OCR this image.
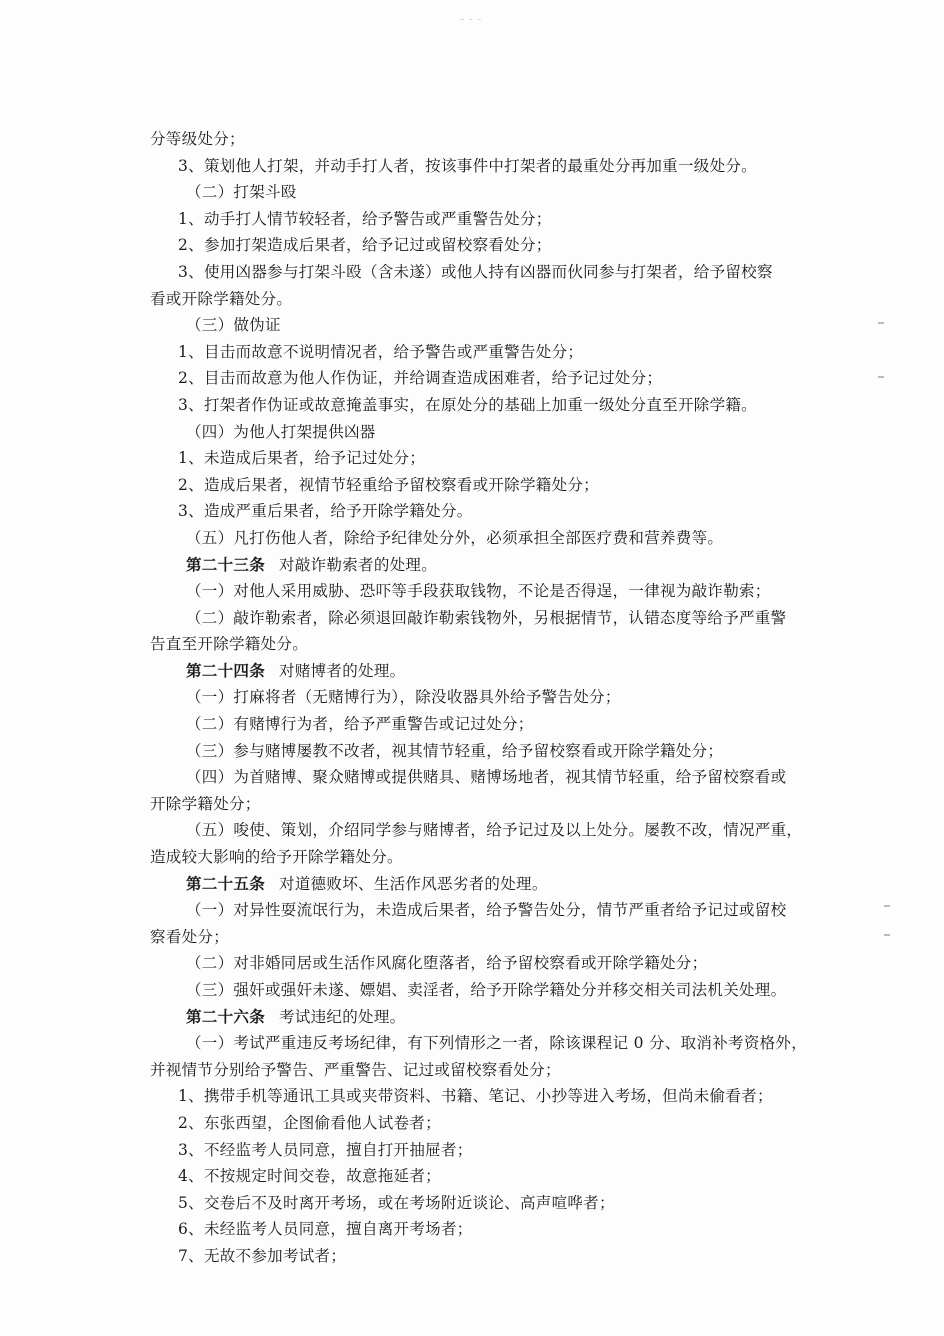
‐ ‐ ‐
分等级处分；
3、策划他人打架，并动手打人者，按该事件中打架者的最重处分再加重一级处分。
（二）打架斗殴
1、动手打人情节较轻者，给予警告或严重警告处分；
2、参加打架造成后果者，给予记过或留校察看处分；
3、使用凶器参与打架斗殴（含未遂）或他人持有凶器而伙同参与打架者，给予留校察
看或开除学籍处分。
（三）做伪证
1、目击而故意不说明情况者，给予警告或严重警告处分；
2、目击而故意为他人作伪证，并给调查造成困难者，给予记过处分；
3、打架者作伪证或故意掩盖事实，在原处分的基础上加重一级处分直至开除学籍。
（四）为他人打架提供凶器
1、未造成后果者，给予记过处分；
2、造成后果者，视情节轻重给予留校察看或开除学籍处分；
3、造成严重后果者，给予开除学籍处分。
（五）凡打伤他人者，除给予纪律处分外，必须承担全部医疗费和营养费等。
第二十三条 对敲诈勒索者的处理。
（一）对他人采用威胁、恐吓等手段获取钱物，不论是否得逞，一律视为敲诈勒索；
（二）敲诈勒索者，除必须退回敲诈勒索钱物外，另根据情节，认错态度等给予严重警
告直至开除学籍处分。
第二十四条 对赌博者的处理。
（一）打麻将者（无赌博行为），除没收器具外给予警告处分；
（二）有赌博行为者，给予严重警告或记过处分；
（三）参与赌博屡教不改者，视其情节轻重，给予留校察看或开除学籍处分；
（四）为首赌博、聚众赌博或提供赌具、赌博场地者，视其情节轻重，给予留校察看或
开除学籍处分；
（五）唆使、策划，介绍同学参与赌博者，给予记过及以上处分。屡教不改，情况严重，
造成较大影响的给予开除学籍处分。
第二十五条 对道德败坏、生活作风恶劣者的处理。
（一）对异性耍流氓行为，未造成后果者，给予警告处分，情节严重者给予记过或留校
察看处分；
（二）对非婚同居或生活作风腐化堕落者，给予留校察看或开除学籍处分；
（三）强奸或强奸未遂、嫖娼、卖淫者，给予开除学籍处分并移交相关司法机关处理。
第二十六条 考试违纪的处理。
（一）考试严重违反考场纪律，有下列情形之一者，除该课程记 0 分、取消补考资格外，
并视情节分别给予警告、严重警告、记过或留校察看处分；
1、携带手机等通讯工具或夹带资料、书籍、笔记、小抄等进入考场，但尚未偷看者；
2、东张西望，企图偷看他人试卷者；
3、不经监考人员同意，擅自打开抽屉者；
4、不按规定时间交卷，故意拖延者；
5、交卷后不及时离开考场，或在考场附近谈论、高声喧哗者；
6、未经监考人员同意，擅自离开考场者；
7、无故不参加考试者；
